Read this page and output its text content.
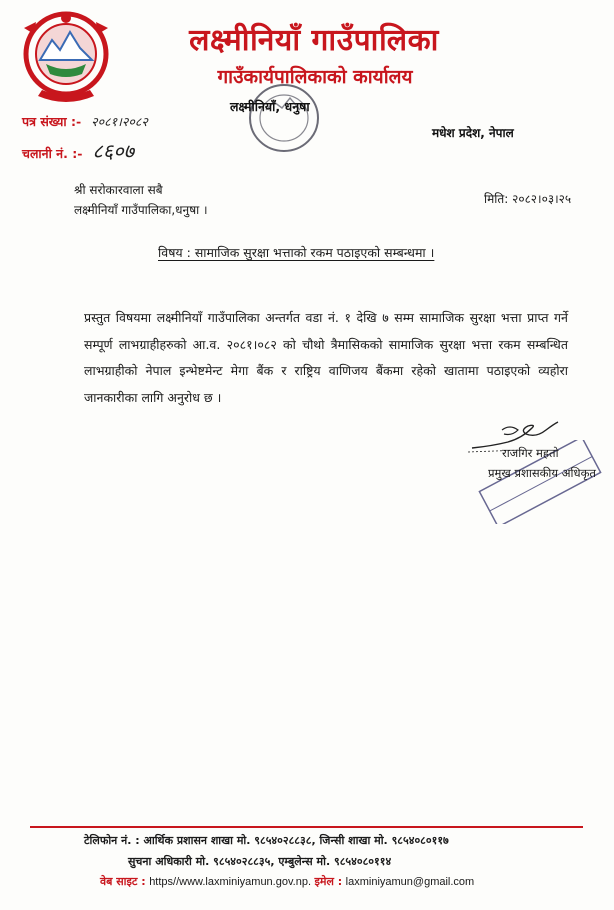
लक्ष्मीनियाँ गाउँपालिका
गाउँकार्यपालिकाको कार्यालय
लक्ष्मीनियाँ, धनुषा
मधेश प्रदेश, नेपाल
पत्र संख्या :- २०८१।२०८२
चलानी नं. :- ८६०७
श्री सरोकारवाला सबै
लक्ष्मीनियाँ गाउँपालिका,धनुषा ।
मिति: २०८२।०३।२५
विषय : सामाजिक सुरक्षा भत्ताको रकम पठाइएको सम्बन्धमा ।
प्रस्तुत विषयमा लक्ष्मीनियाँ गाउँपालिका अन्तर्गत वडा नं. १ देखि ७ सम्म सामाजिक सुरक्षा भत्ता प्राप्त गर्ने सम्पूर्ण लाभग्राहीहरुको आ.व. २०८१।०८२ को चौथो त्रैमासिकको सामाजिक सुरक्षा भत्ता रकम सम्बन्धित लाभग्राहीको नेपाल इन्भेष्टमेन्ट मेगा बैंक र राष्ट्रिय वाणिजय बैंकमा रहेको खातामा पठाइएको व्यहोरा जानकारीका लागि अनुरोध छ ।
राजगिर महतो
प्रमुख प्रशासकीय अधिकृत
टेलिफोन नं. : आर्थिक प्रशासन शाखा मो. ९८५४०२८८३८, जिन्सी शाखा मो. ९८५४०८०११७
सुचना अधिकारी मो. ९८५४०२८८३५, एम्बुलेन्स मो. ९८५४०८०११४
वेब साइट : https//www.laxminiyamun.gov.np. इमेल : laxminiyamun@gmail.com
